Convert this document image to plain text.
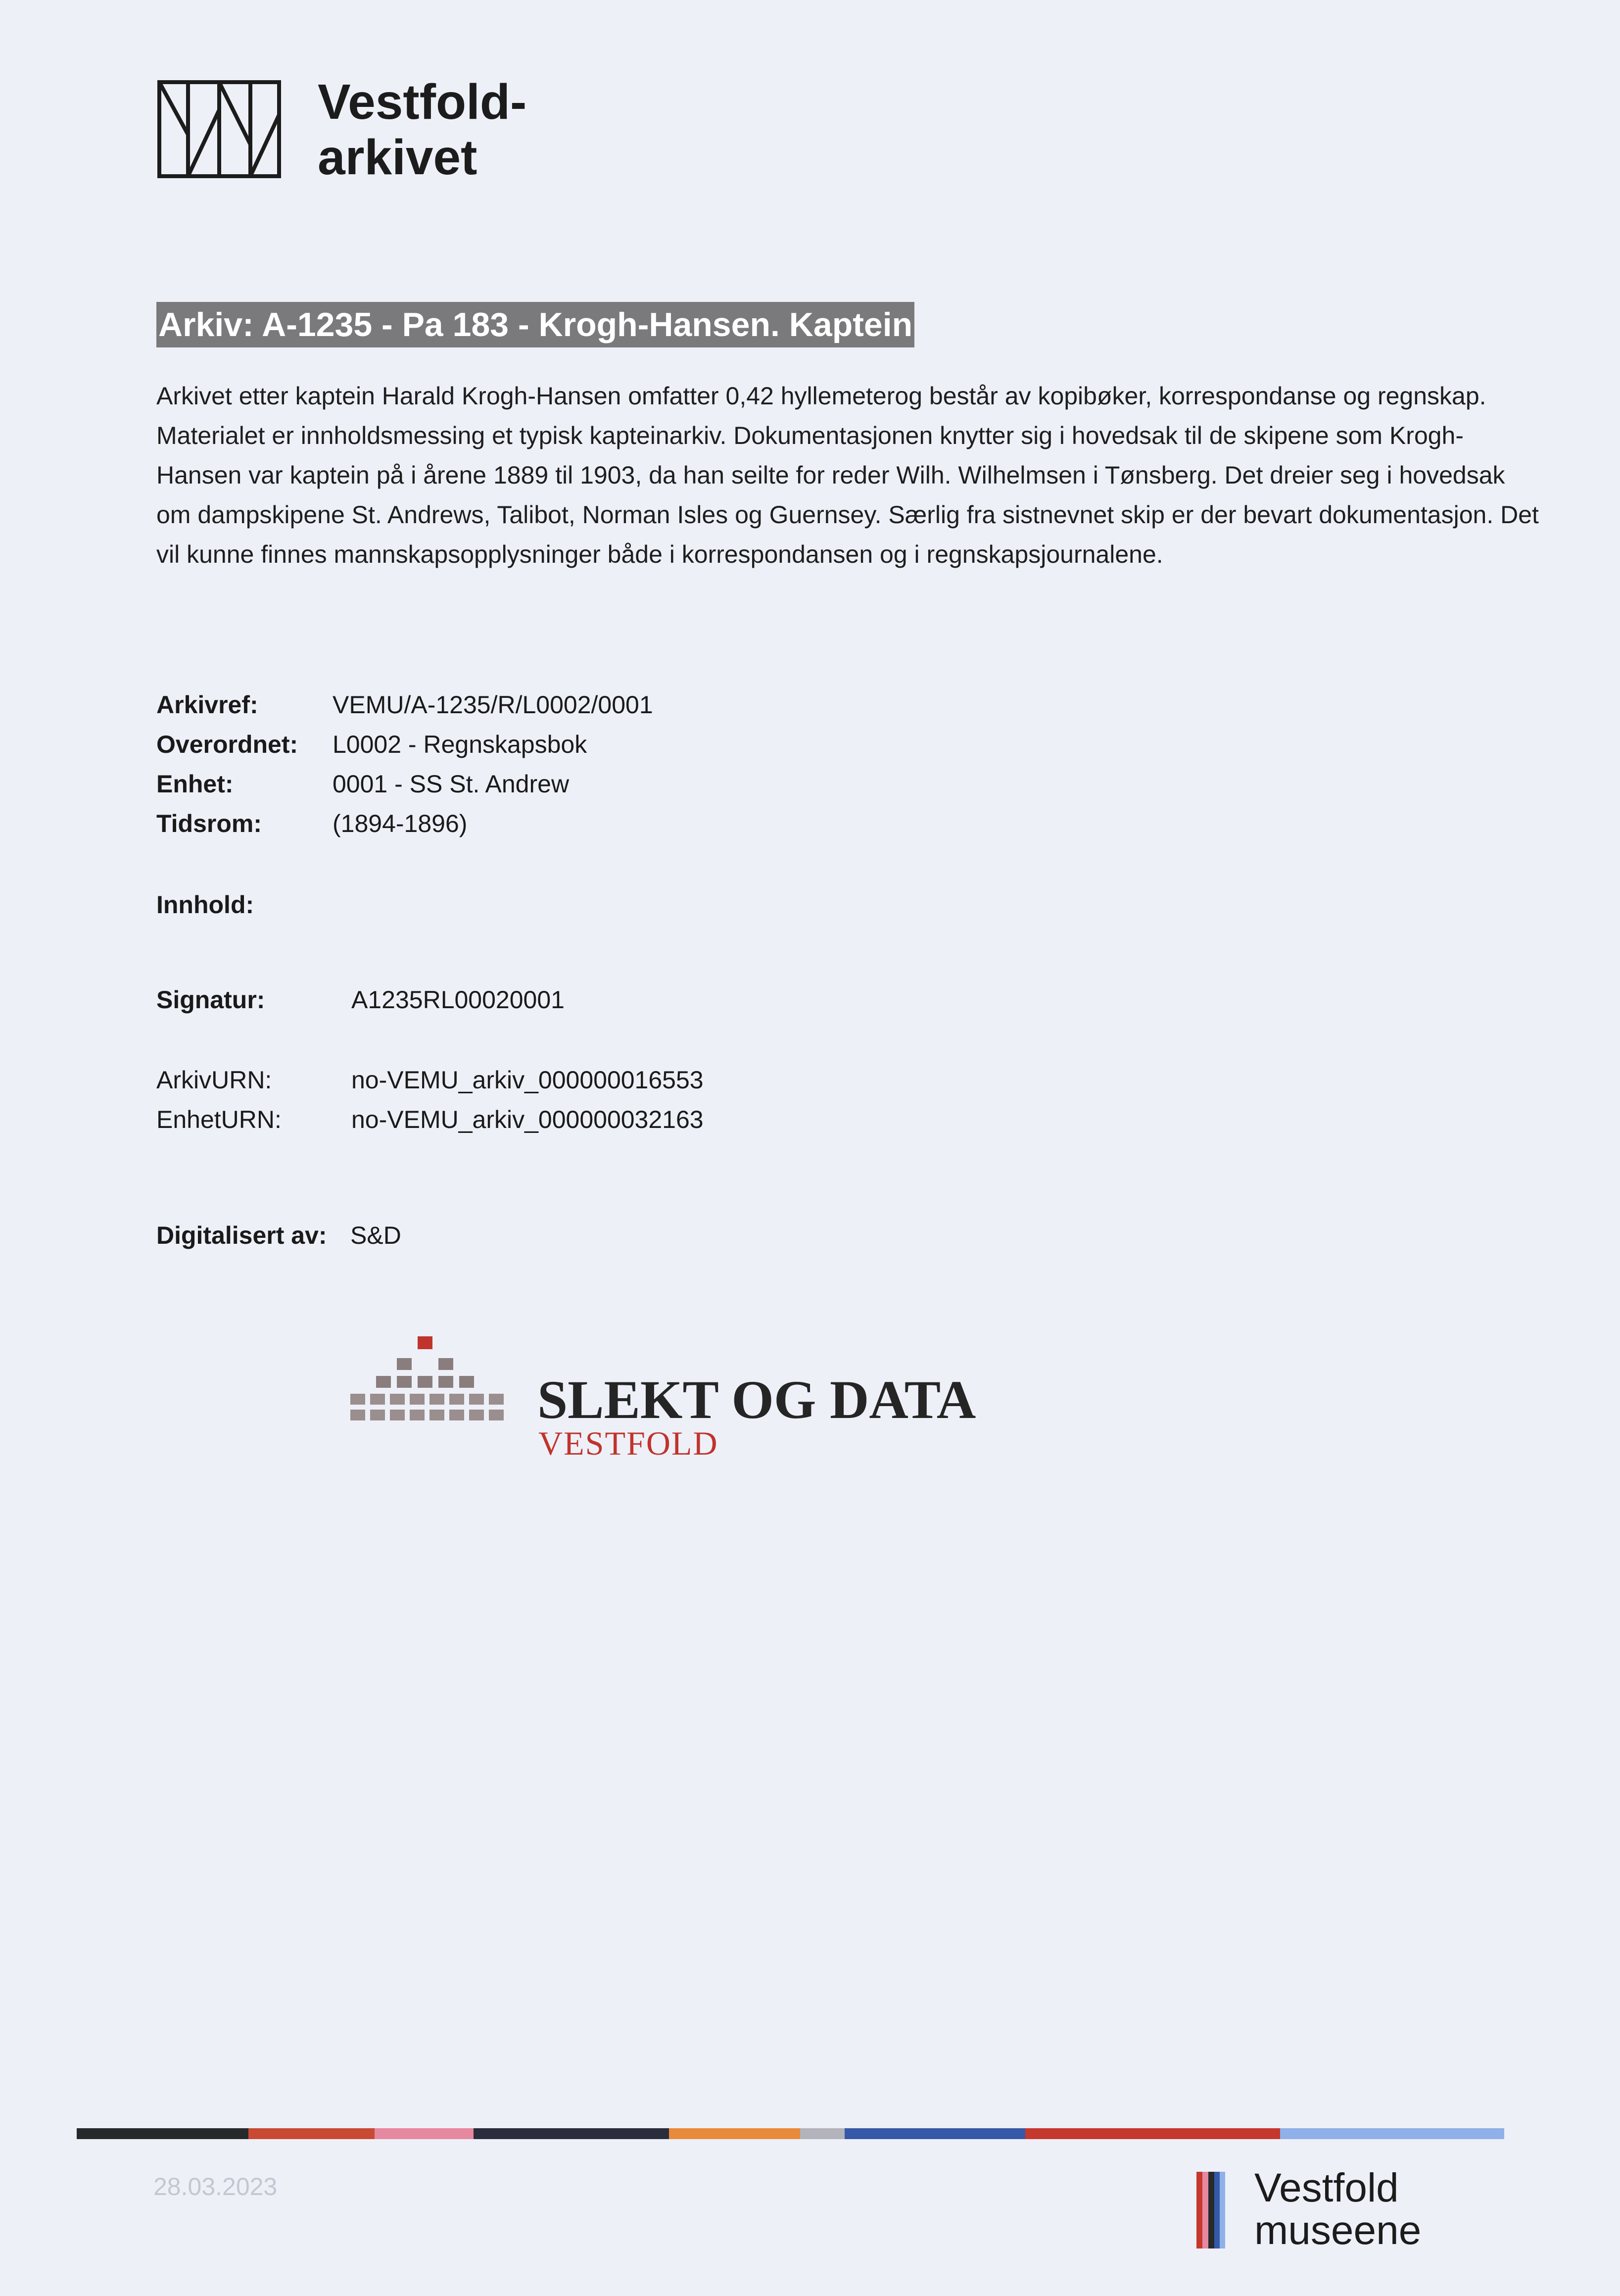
Vestfold-
arkivet
Arkiv: A-1235 - Pa 183 - Krogh-Hansen. Kaptein

Arkivet etter kaptein Harald Krogh-Hansen omfatter 0,42 hyllemeterog består av kopibøker, korrespondanse og regnskap. Materialet er innholdsmessing et typisk kapteinarkiv. Dokumentasjonen knytter sig i hovedsak til de skipene som Krogh-Hansen var kaptein på i årene 1889 til 1903, da han seilte for reder Wilh. Wilhelmsen i Tønsberg. Det dreier seg i hovedsak om dampskipene St. Andrews, Talibot, Norman Isles og Guernsey. Særlig fra sistnevnet skip er der bevart dokumentasjon. Det vil kunne finnes mannskapsopplysninger både i korrespondansen og i regnskapsjournalene.

Arkivref:	VEMU/A-1235/R/L0002/0001
Overordnet: L0002 - Regnskapsbok
Enhet:	0001 - SS St. Andrew
Tidsrom:	(1894-1896)
Innhold:
Signatur:	A1235RL00020001
ArkivURN:	no-VEMU_arkiv_000000016553
EnhetURN:	no-VEMU_arkiv_000000032163
Digitalisert av: S&D
SLEKT OG DATA
VESTFOLD
28.03.2023	Vestfold
museene
